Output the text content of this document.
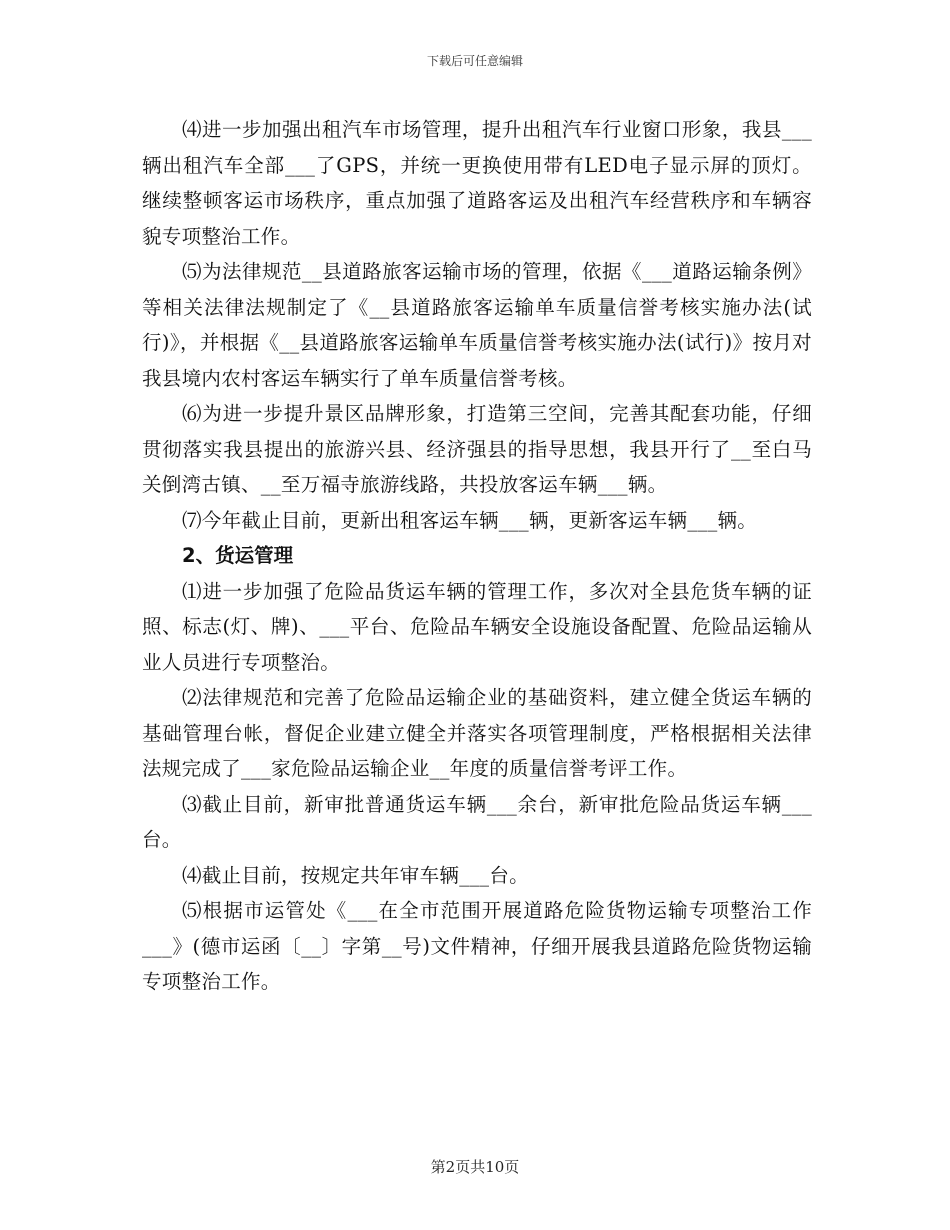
下载后可任意编辑

⑷进一步加强出租汽车市场管理，提升出租汽车行业窗口形象，我县___辆出租汽车全部___了GPS，并统一更换使用带有LED电子显示屏的顶灯。继续整顿客运市场秩序，重点加强了道路客运及出租汽车经营秩序和车辆容貌专项整治工作。

⑸为法律规范__县道路旅客运输市场的管理，依据《___道路运输条例》等相关法律法规制定了《__县道路旅客运输单车质量信誉考核实施办法(试行)》，并根据《__县道路旅客运输单车质量信誉考核实施办法(试行)》按月对我县境内农村客运车辆实行了单车质量信誉考核。

⑹为进一步提升景区品牌形象，打造第三空间，完善其配套功能，仔细贯彻落实我县提出的旅游兴县、经济强县的指导思想，我县开行了__至白马关倒湾古镇、__至万福寺旅游线路，共投放客运车辆___辆。

⑺今年截止目前，更新出租客运车辆___辆，更新客运车辆___辆。

2、货运管理

⑴进一步加强了危险品货运车辆的管理工作，多次对全县危货车辆的证照、标志(灯、牌)、___平台、危险品车辆安全设施设备配置、危险品运输从业人员进行专项整治。

⑵法律规范和完善了危险品运输企业的基础资料，建立健全货运车辆的基础管理台帐，督促企业建立健全并落实各项管理制度，严格根据相关法律法规完成了___家危险品运输企业__年度的质量信誉考评工作。

⑶截止目前，新审批普通货运车辆___余台，新审批危险品货运车辆___台。

⑷截止目前，按规定共年审车辆___台。

⑸根据市运管处《___在全市范围开展道路危险货物运输专项整治工作___》(德市运函〔__〕字第__号)文件精神，仔细开展我县道路危险货物运输专项整治工作。

第2页共10页
